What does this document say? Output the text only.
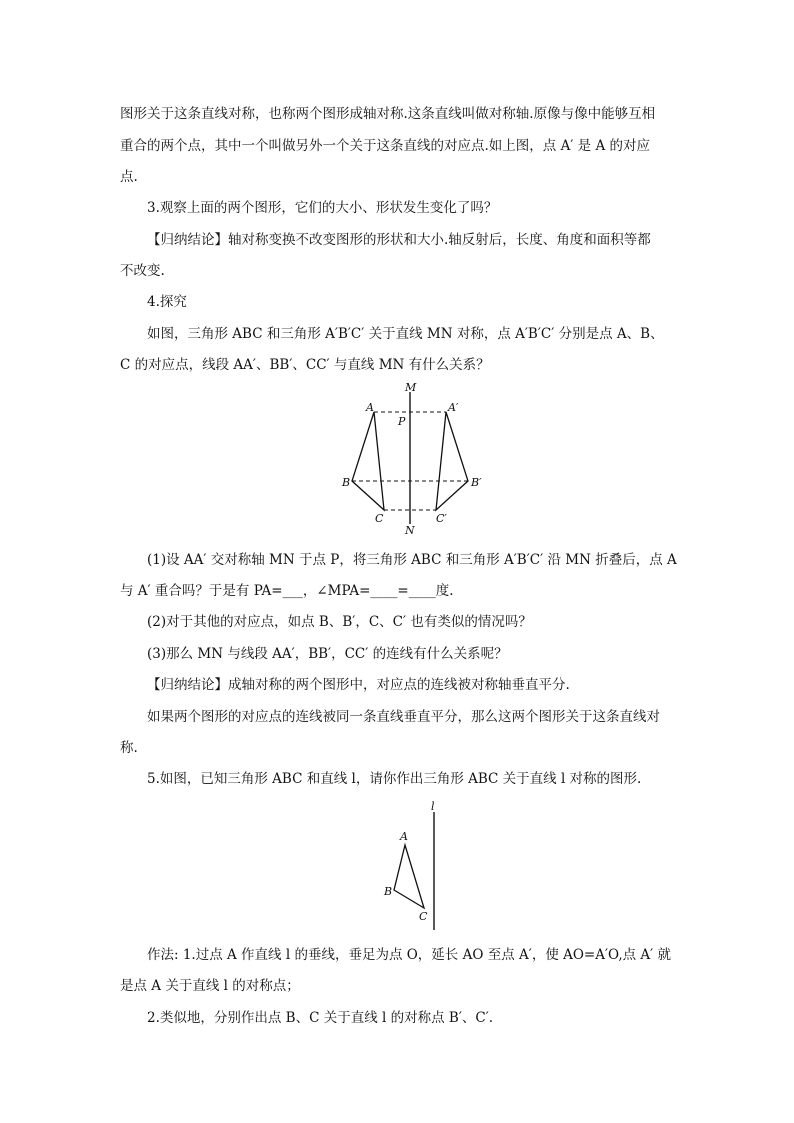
图形关于这条直线对称，也称两个图形成轴对称.这条直线叫做对称轴.原像与像中能够互相
重合的两个点，其中一个叫做另外一个关于这条直线的对应点.如上图，点 A′ 是 A 的对应
点.
3.观察上面的两个图形，它们的大小、形状发生变化了吗？
【归纳结论】轴对称变换不改变图形的形状和大小.轴反射后，长度、角度和面积等都
不改变.
4.探究
如图，三角形 ABC 和三角形 A′B′C′ 关于直线 MN 对称，点 A′B′C′ 分别是点 A、B、
C 的对应点，线段 AA′、BB′、CC′ 与直线 MN 有什么关系？
M
N
P
A	A′
B	B′
C	C′
(1)设 AA′ 交对称轴 MN 于点 P，将三角形 ABC 和三角形 A′B′C′ 沿 MN 折叠后，点 A
与 A′ 重合吗？于是有 PA=___，∠MPA=____=____度.
(2)对于其他的对应点，如点 B、B′，C、C′ 也有类似的情况吗？
(3)那么 MN 与线段 AA′，BB′，CC′ 的连线有什么关系呢？
【归纳结论】成轴对称的两个图形中，对应点的连线被对称轴垂直平分.
如果两个图形的对应点的连线被同一条直线垂直平分，那么这两个图形关于这条直线对
称.
5.如图，已知三角形 ABC 和直线 l，请你作出三角形 ABC 关于直线 l 对称的图形.
l
A
B
C
作法: 1.过点 A 作直线 l 的垂线，垂足为点 O，延长 AO 至点 A′，使 AO=A′O,点 A′ 就
是点 A 关于直线 l 的对称点；
2.类似地，分别作出点 B、C 关于直线 l 的对称点 B′、C′.
